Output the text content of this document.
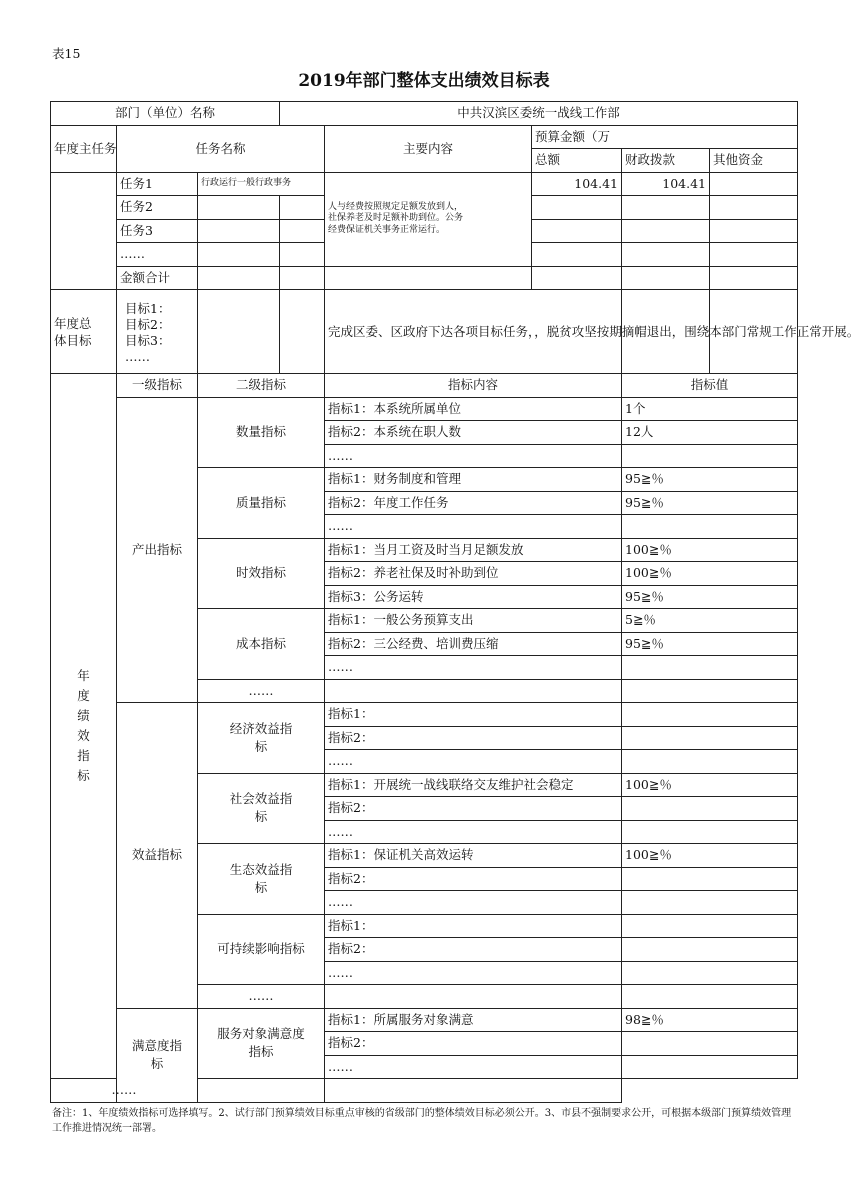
表15
2019年部门整体支出绩效目标表
部门（单位）名称			中共汉滨区委统一战线工作部				
年度主任务	任务名称			主要内容	预算金额（万		
					总额	财政拨款	其他资金
	任务1	行政运行一般行政事务		人与经费按照规定足额发放到人，
社保养老及时足额补助到位。公务
经费保证机关事务正常运行。	104.41	104.41	
	任务2						
	任务3						
	……						
	金额合计						

年度总体目标	目标1：
目标2：
目标3：
……			完成区委、区政府下达各项目标任务，，脱贫攻坚按期摘帽退出，围绕本部门常规工作正常开展。			

年度绩效指标	一级指标	二级指标		指标内容		指标值	
	产出指标	数量指标		指标1：本系统所属单位		1个	
				指标2：本系统在职人数		12人	
				……			
		质量指标		指标1：财务制度和管理		95≧％	
				指标2：年度工作任务		95≧％	
				……			
		时效指标		指标1：当月工资及时当月足额发放		100≧％	
				指标2：养老社保及时补助到位		100≧％	
				指标3：公务运转		95≧％	
		成本指标		指标1：一般公务预算支出		5≧％	
				指标2：三公经费、培训费压缩		95≧％	
				……			
		……					
	效益指标	经济效益指标		指标1：			
				指标2：			
				……			

		社会效益指标		指标1：开展统一战线联络交友维护社会稳定		100≧％	
				指标2：			
				……			

		生态效益指标		指标1：保证机关高效运转		100≧％	
				指标2：			
				……			

		可持续影响指标		指标1：			
				指标2：			
				……			
		……					

	满意度指标	服务对象满意度指标		指标1：所属服务对象满意		98≧％	
				指标2：			
				……			
……							
备注：1、年度绩效指标可选择填写。2、试行部门预算绩效目标重点审核的省级部门的整体绩效目标必须公开。3、市县不强制要求公开，可根据本级部门预算绩效管理工作推进情况统一部署。
